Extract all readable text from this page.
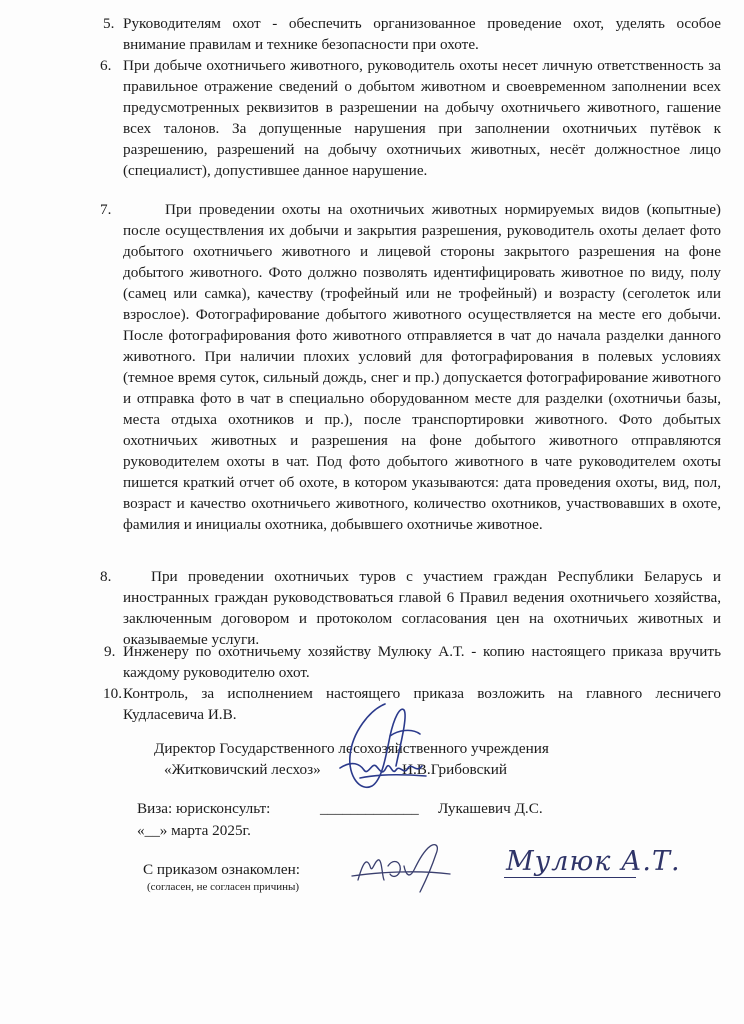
5. Руководителям охот - обеспечить организованное проведение охот, уделять особое внимание правилам и технике безопасности при охоте.
6. При добыче охотничьего животного, руководитель охоты несет личную ответственность за правильное отражение сведений о добытом животном и своевременном заполнении всех предусмотренных реквизитов в разрешении на добычу охотничьего животного, гашение всех талонов. За допущенные нарушения при заполнении охотничьих путёвок к разрешению, разрешений на добычу охотничьих животных, несёт должностное лицо (специалист), допустившее данное нарушение.
7.	При проведении охоты на охотничьих животных нормируемых видов (копытные) после осуществления их добычи и закрытия разрешения, руководитель охоты делает фото добытого охотничьего животного и лицевой стороны закрытого разрешения на фоне добытого животного. Фото должно позволять идентифицировать животное по виду, полу (самец или самка), качеству (трофейный или не трофейный) и возрасту (сеголеток или взрослое). Фотографирование добытого животного осуществляется на месте его добычи. После фотографирования фото животного отправляется в чат до начала разделки данного животного. При наличии плохих условий для фотографирования в полевых условиях (темное время суток, сильный дождь, снег и пр.) допускается фотографирование животного и отправка фото в чат в специально оборудованном месте для разделки (охотничьи базы, места отдыха охотников и пр.), после транспортировки животного. Фото добытых охотничьих животных и разрешения на фоне добытого животного отправляются руководителем охоты в чат. Под фото добытого животного в чате руководителем охоты пишется краткий отчет об охоте, в котором указываются: дата проведения охоты, вид, пол, возраст и качество охотничьего животного, количество охотников, участвовавших в охоте, фамилия и инициалы охотника, добывшего охотничье животное.
8.	При проведении охотничьих туров с участием граждан Республики Беларусь и иностранных граждан руководствоваться главой 6 Правил ведения охотничьего хозяйства, заключенным договором и протоколом согласования цен на охотничьих животных и оказываемые услуги.
9. Инженеру по охотничьему хозяйству Мулюку А.Т. - копию настоящего приказа вручить каждому руководителю охот.
10. Контроль, за исполнением настоящего приказа возложить на главного лесничего Кудласевича И.В.
Директор Государственного лесохозяйственного учреждения
«Житковичский лесхоз»	Н.В.Грибовский
Виза: юрисконсульт:	_____________ Лукашевич Д.С.
«__» марта 2025г.
С приказом ознакомлен:
(согласен, не согласен причины)
Мулюк А.Т.
